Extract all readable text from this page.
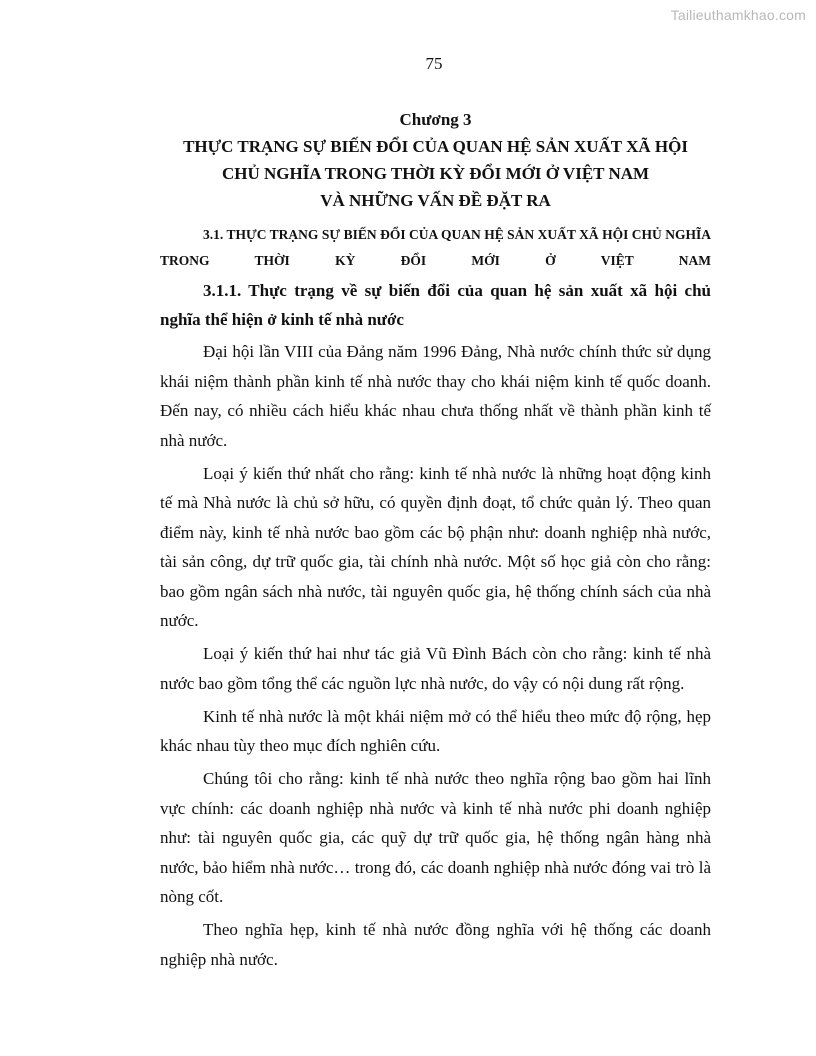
Tailieuthamkhao.com
75

Chương 3

THỰC TRẠNG SỰ BIẾN ĐỔI CỦA QUAN HỆ SẢN XUẤT XÃ HỘI

CHỦ NGHĨA TRONG THỜI KỲ ĐỔI MỚI Ở VIỆT NAM

VÀ NHỮNG VẤN ĐỀ ĐẶT RA

3.1. THỰC TRẠNG SỰ BIẾN ĐỔI CỦA QUAN HỆ SẢN XUẤT XÃ HỘI CHỦ NGHĨA TRONG THỜI KỲ ĐỔI MỚI Ở VIỆT NAM

3.1.1. Thực trạng về sự biến đổi của quan hệ sản xuất xã hội chủ nghĩa thể hiện ở kinh tế nhà nước

Đại hội lần VIII của Đảng năm 1996 Đảng, Nhà nước chính thức sử dụng khái niệm thành phần kinh tế nhà nước thay cho khái niệm kinh tế quốc doanh. Đến nay, có nhiều cách hiểu khác nhau chưa thống nhất về thành phần kinh tế nhà nước.

Loại ý kiến thứ nhất cho rằng: kinh tế nhà nước là những hoạt động kinh tế mà Nhà nước là chủ sở hữu, có quyền định đoạt, tổ chức quản lý. Theo quan điểm này, kinh tế nhà nước bao gồm các bộ phận như: doanh nghiệp nhà nước, tài sản công, dự trữ quốc gia, tài chính nhà nước. Một số học giả còn cho rằng: bao gồm ngân sách nhà nước, tài nguyên quốc gia, hệ thống chính sách của nhà nước.

Loại ý kiến thứ hai như tác giả Vũ Đình Bách còn cho rằng: kinh tế nhà nước bao gồm tổng thể các nguồn lực nhà nước, do vậy có nội dung rất rộng.

Kinh tế nhà nước là một khái niệm mở có thể hiểu theo mức độ rộng, hẹp khác nhau tùy theo mục đích nghiên cứu.

Chúng tôi cho rằng: kinh tế nhà nước theo nghĩa rộng bao gồm hai lĩnh vực chính: các doanh nghiệp nhà nước và kinh tế nhà nước phi doanh nghiệp như: tài nguyên quốc gia, các quỹ dự trữ quốc gia, hệ thống ngân hàng nhà nước, bảo hiểm nhà nước… trong đó, các doanh nghiệp nhà nước đóng vai trò là nòng cốt.

Theo nghĩa hẹp, kinh tế nhà nước đồng nghĩa với hệ thống các doanh nghiệp nhà nước.
